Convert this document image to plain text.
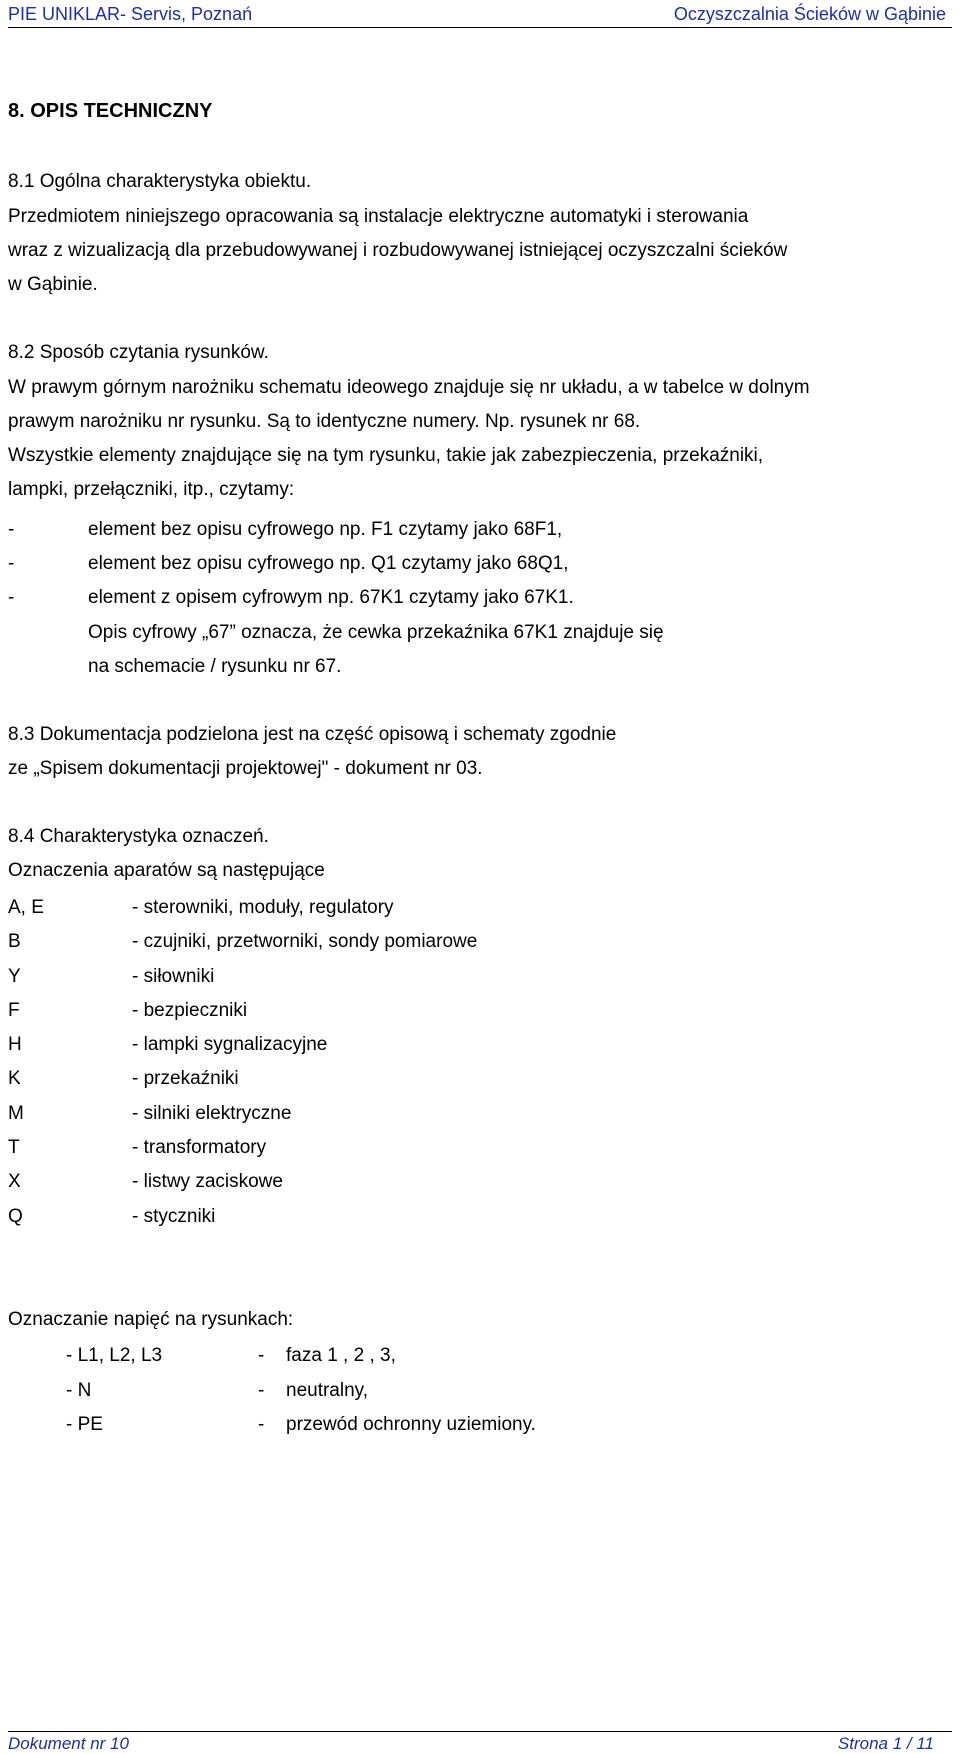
PIE UNIKLAR- Servis, Poznań	Oczyszczalnia Ścieków w Gąbinie
8. OPIS TECHNICZNY
8.1 Ogólna charakterystyka obiektu.
Przedmiotem niniejszego opracowania są instalacje elektryczne automatyki i sterowania
wraz z wizualizacją dla przebudowywanej i rozbudowywanej istniejącej oczyszczalni ścieków
w Gąbinie.
8.2 Sposób czytania rysunków.
W prawym górnym narożniku schematu ideowego znajduje się nr układu, a w tabelce w dolnym
prawym narożniku nr rysunku. Są to identyczne numery. Np. rysunek nr 68.
Wszystkie elementy znajdujące się na tym rysunku, takie jak zabezpieczenia, przekaźniki,
lampki, przełączniki, itp., czytamy:
-	element bez opisu cyfrowego np. F1 czytamy jako 68F1,
-	element bez opisu cyfrowego np. Q1 czytamy jako 68Q1,
-	element z opisem cyfrowym np. 67K1 czytamy jako 67K1.
Opis cyfrowy „67” oznacza, że cewka przekaźnika 67K1 znajduje się
na schemacie / rysunku nr 67.
8.3 Dokumentacja podzielona jest na część opisową i schematy zgodnie
ze „Spisem dokumentacji projektowej" - dokument nr 03.
8.4 Charakterystyka oznaczeń.
Oznaczenia aparatów są następujące
A, E	- sterowniki, moduły, regulatory
B	- czujniki, przetworniki, sondy pomiarowe
Y	- siłowniki
F	- bezpieczniki
H	- lampki sygnalizacyjne
K	- przekaźniki
M	- silniki elektryczne
T	- transformatory
X	- listwy zaciskowe
Q	- styczniki
Oznaczanie napięć na rysunkach:
- L1, L2, L3	- faza 1 , 2 , 3,
- N	- neutralny,
- PE	- przewód ochronny uziemiony.
Dokument nr 10	Strona 1 / 11
